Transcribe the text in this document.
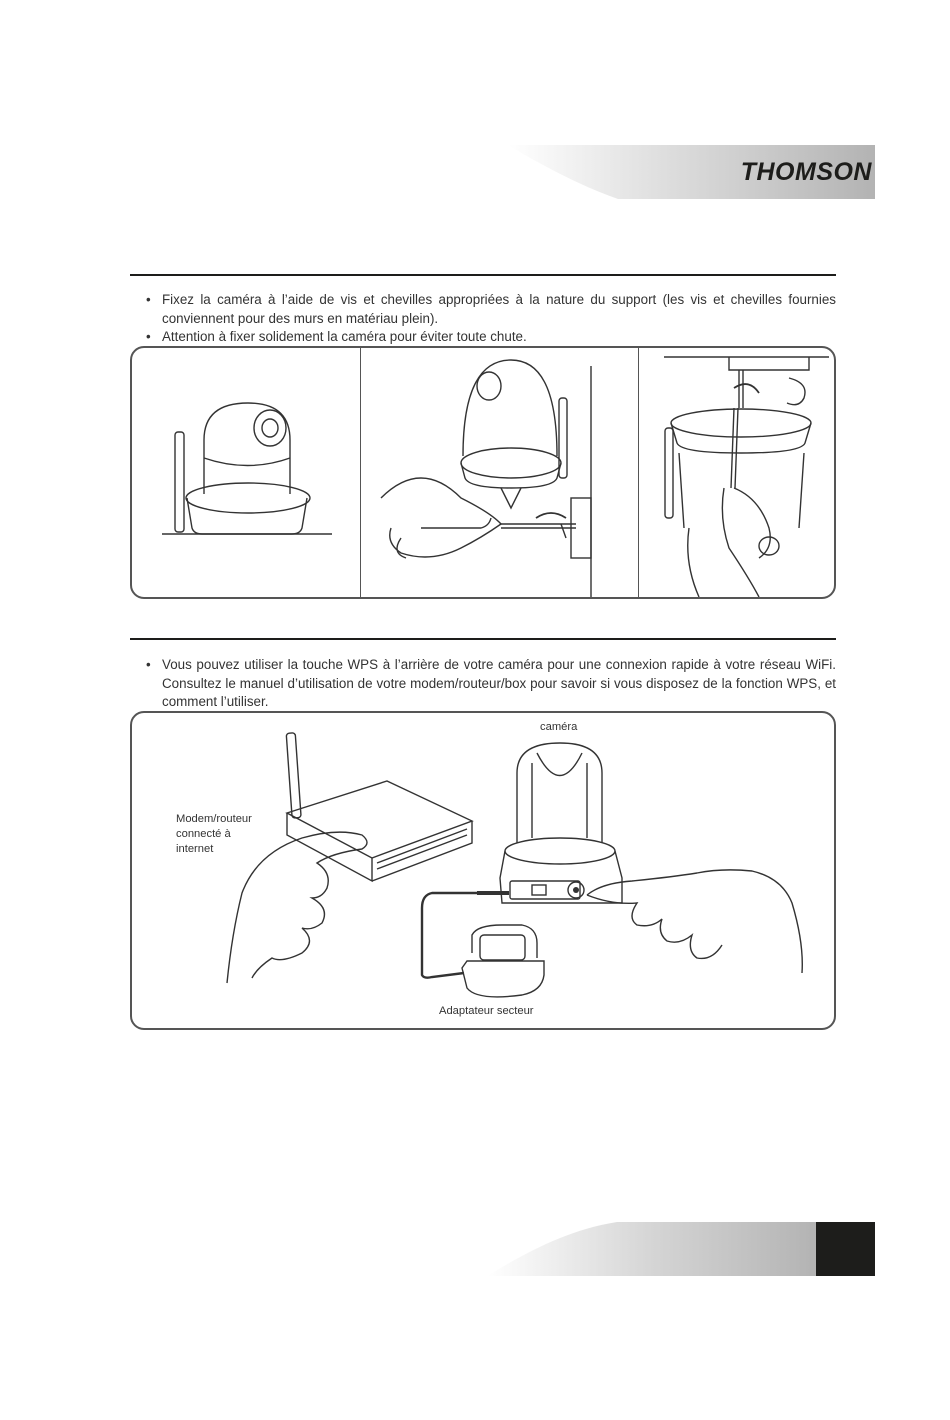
THOMSON
• Fixez la caméra à l’aide de vis et chevilles appropriées à la nature du support (les vis et chevilles fournies conviennent pour des murs en matériau plein).
• Attention à fixer solidement la caméra pour éviter toute chute.
• Vous pouvez utiliser la touche WPS à l’arrière de votre caméra pour une connexion rapide à votre réseau WiFi. Consultez le manuel d’utilisation de votre modem/routeur/box pour savoir si vous disposez de la fonction WPS, et comment l’utiliser.
caméra
Modem/routeur
connecté à
internet
Adaptateur secteur
